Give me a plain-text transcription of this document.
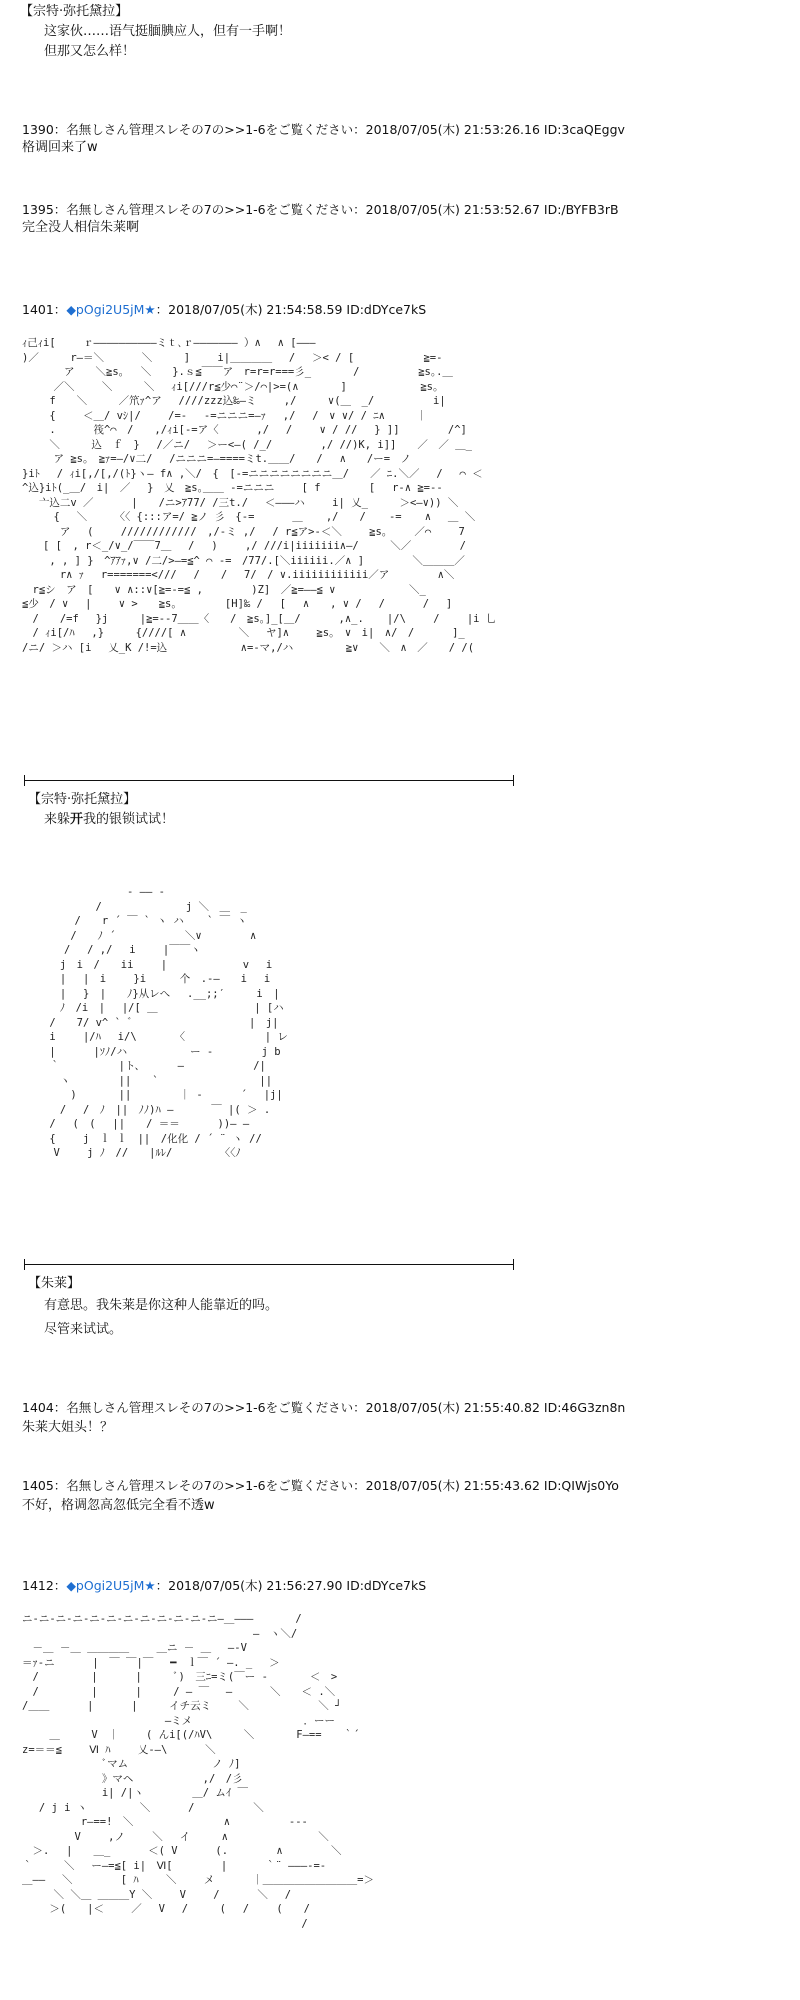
【宗特·弥托黛拉】
这家伙……语气挺腼腆应人，但有一手啊！
但那又怎么样！
1390：名無しさん管理スレその7の>>1-6をご覧ください：2018/07/05(木) 21:53:26.16 ID:3caQEggv
格调回来了w
1395：名無しさん管理スレその7の>>1-6をご覧ください：2018/07/05(木) 21:53:52.67 ID:/BYFB3rB
完全没人相信朱莱啊
1401：◆pOgi2U5jM★：2018/07/05(木) 21:54:58.59 ID:dDYce7kS
ｨ己ｨi[　　 ｒ――――――――――ミｔ､ｒ――――――― ）∧　 ∧ [―――
)／　　　r―＝＼　　　 ＼　　　]　　 i|＿＿＿＿　 /　 ＞< / [　　　　　　 ≧=-
　　　　ア　　＼≧s｡　 ＼　　}.ｓ≦￣￣ア　r=r=r===彡_　　　　/　　　　　 ≧s｡.＿
　　　／＼　　 ＼　　　＼　 ｨi[///r≦少⌒¨＞/⌒|>=(∧　　　　]　　　　　　　≧s｡
　　 f　　＼　　　／笊ｧ^ア　 ////zzz込‰―ミ　　 ,/　　　∨(＿　_/　　　　　 i|
　　 {　　 ＜＿/ vｼ|/　　 /=-　 -=ニニニ=―ｧ　 ,/　 /　∨ ∨/ / ﾆ∧　　　｜
　　 .　　　 筏^⌒　/　　,/ｨi[-=ア〈　　　 ,/　 /　　 ∨ / //　 } ]]　　　　 /^]
　　 ＼　　　込　ｆ　}　 /／ニ/ 　＞ー<―( /_/　　　　 ,/ //)K, i]]　　／　／ ＿_
　　　ア ≧s｡　≧ｧ=―/∨二/　 /ニニニ=―====ミt.＿＿/　　/ 　∧　　/ー=　ノ
}iﾄ　 / ｨi[,/[,/(ﾄ}ヽ― f∧ ,＼/　{　[-=ニニニニニニニニ＿/　　／ ﾆ.＼／　 /　 ⌒ ＜
^込}iﾄ(_＿/　i|　／　 }　乂　≧s｡＿＿ -=ニニニ　　 [ f　　　　 [ 　r-∧ ≧=-‐
　 亠込二v ／　　　 |　　/ニ>ｱ77/ /三t./　 ＜―――ハ　　 i| 乂_　　　＞<―∨)) ＼
　　　{ 　＼　　 〈〈 {:::ア=/ ≧ノ 彡　{-=　　　 ＿ 　 ,/　　/ 　 -= 　 ∧　 ＿ ＼
　　　 ア　 (　　 ////////////　,/-ミ ,/　 / r≦ア>-＜＼　　 ≧s｡　　 ／⌒　　 7
　　[ [　, r＜_/∨_/￣￣7＿　 /　 )　　 ,/ ///i|iiiiiii∧―/　　　＼／　　　　 /
　　 , , ] }　^ｱｱｧ,∨ /二/>―=≦^ ⌒ -=　/77/.[＼iiiiii.／∧ ]　　　　 ＼＿＿＿／
　　　 r∧ ｧ　 r=======<///　 /　　/　 7/　/ ∨.iiiiiiiiiiii／ア　　　　 ∧＼
　r≦シ　ア　[　　∨ ∧::∨[≧=-=≦ ,　　　　 )Z]　／≧=――≦ ∨　　　　　　　＼_
≦少　/ ∨　 |　　 ∨ >　　≧s｡　　　　 [H]‰ /　 [　 ∧　　, ∨ /　 /　　　 /　 ]
　/　　/=f　 }j　　　|≧=--7＿＿〈　　/　≧s｡]_[＿/　　　 ,∧_. 　 |/\ 　　/　　 |i 乚
　/ ｨi[/ﾊ　 ,}　　　{////[ ∧　　　　　＼　 ヤ]∧　　 ≧s｡　∨　i|　∧/　/　　　 ]_
/ニ/ ＞ハ [i　 乂_K /!=込　　　　　　　∧=-マ,/ハ　　　　　≧∨　　＼　∧　／　　/ /(
【宗特·弥托黛拉】
来躲开我的银锁试试！
　　　　　　　　　　- ―― -
　　　　　　　/　　　　　　　　j ＼　＿　_
　　　　　/　　r ´ ￣ ` ヽ ハ 　 ` ￣ ヽ
　　　　 /　　ﾉ ´　　　　　　 ＼∨　　　　 ∧
　　　　/　 / ,/　 i　　 |￣￣ヽ
　　　 j　i　/　　ii　　 |　　　　　 　 v　 i
　　　 |　 |　i　　 }i　 　 个　.-―　　i　 i
　　　 |　 }　|　　ﾉ}从レへ　 .__;;′　　　i　|
　　　 ﾉ　/i　|　 |/[ ＿　 　　　　　　　 | [ハ
　　 /　　7/ v^ ` ゛　　　　　　　　　　 |　j|
　　 i　　 |/ﾊ　 i/\　　　 〈　　　　　　　 | レ
　　 |　　　 |ｿﾉ/ハ　　　　　　ー -　　　　 j b
　　 ｀　　　　　 |ト、　　　 ―　　　　　　 /|
　　　 ヽ　　　　 ||　　`　　　　　　　　　 ||
　　　　 )　　　　||　　　　 ｜ -　　　 ´　 |j|
　　　 /　 /　ﾉ　||　ﾉﾉ)ﾊ ―　　　 ￣ |( ＞ .
　　 /　 (　(　 ||　　/ ＝＝　　　 ))― ―
　　 {　　 j　ｌ ｌ　||　/化化 / ´ ¨ ヽ //
　　　V　　 j ﾉ　//　　|ﾙﾚ/　　　　　〈〈ﾉ
【朱莱】
有意思。我朱莱是你这种人能靠近的吗。
尽管来试试。
1404：名無しさん管理スレその7の>>1-6をご覧ください：2018/07/05(木) 21:55:40.82 ID:46G3zn8n
朱莱大姐头！？
1405：名無しさん管理スレその7の>>1-6をご覧ください：2018/07/05(木) 21:55:43.62 ID:QIWjs0Yo
不好，格调忽高忽低完全看不透w
1412：◆pOgi2U5jM★：2018/07/05(木) 21:56:27.90 ID:dDYce7kS
ニ-ニ-ニ-ニ-ニ-ニ-ニ-ニ-ニ-ニ-ニ‐ニ―＿―――　　　　/
　　　　　　　　　　　　　　　　　　　　　　―　ヽ＼/
　－＿ －＿ ＿＿＿＿　　 ＿ニ － ＿　 ―-V
＝ｧ-ニ　　　 |　￣ ￣|￣　 ━　ｌ￣ ´ ―. _　 ＞
　/　　　　　|　　　 |　　　ﾞ)　三ﾆ=ミ(￣ー -　　　　＜　>
　/　　　　　|　　　 |　　　/ ― ￣　 ―　　　 ＼　　＜ .＼
/＿＿　　　 |　　　 |　　　イチ云ミ　　 ＼　　　　　　 ＼ ┘
　　　　　　　　　　　　　 ―ミメ　　　　　　　　　　 ．ーー
　　 ＿　　　V　｜　　 ( んi[(/ﾊV\　　　＼　　　　F―==　　｀´
z=＝＝≦　　 Ⅵ ﾊ　　 乂-―\　　　 ＼
　　　　　　　 ﾞマム　　　　　　　　ノ ﾉ]
　　　　　　　 》マヘ　　　　　　 ,/　/彡
　　　　　　　 i| /|ヽ　　　　 ＿/ ムｲ ￣
　 / j i ヽ　　　　　＼　　　 /　　　　　 ＼
　　　　　 r―==!　＼　　　　　　　　 ∧　　　　　 ---
　　　　　V　　 ,ノ　　 ＼　 イ　　　∧　　　　　　　　 ＼
　＞.　 |　　＿_　　　 ＜( V　　　 (.　　　　 ∧　　　　 ＼
｀　　　＼　 ー―=≦[ i|　Ⅵ[　　　　 |　　　 ｀¨ ―――-=-
＿――　 ＼　　　　 [ ﾊ　　 ＼　　 メ　　　 ｜＿＿＿＿＿＿＿＿＿=＞
　　　＼ ＼＿ ＿＿＿Y ＼　　 V　　 /　　　 ＼　 /
　　 ＞(　　|＜　　 ／　 V　 /　　　( 　/　　 (　　/
　　　　　　　　　　　　　　　　　　　　　　　　　　 /
